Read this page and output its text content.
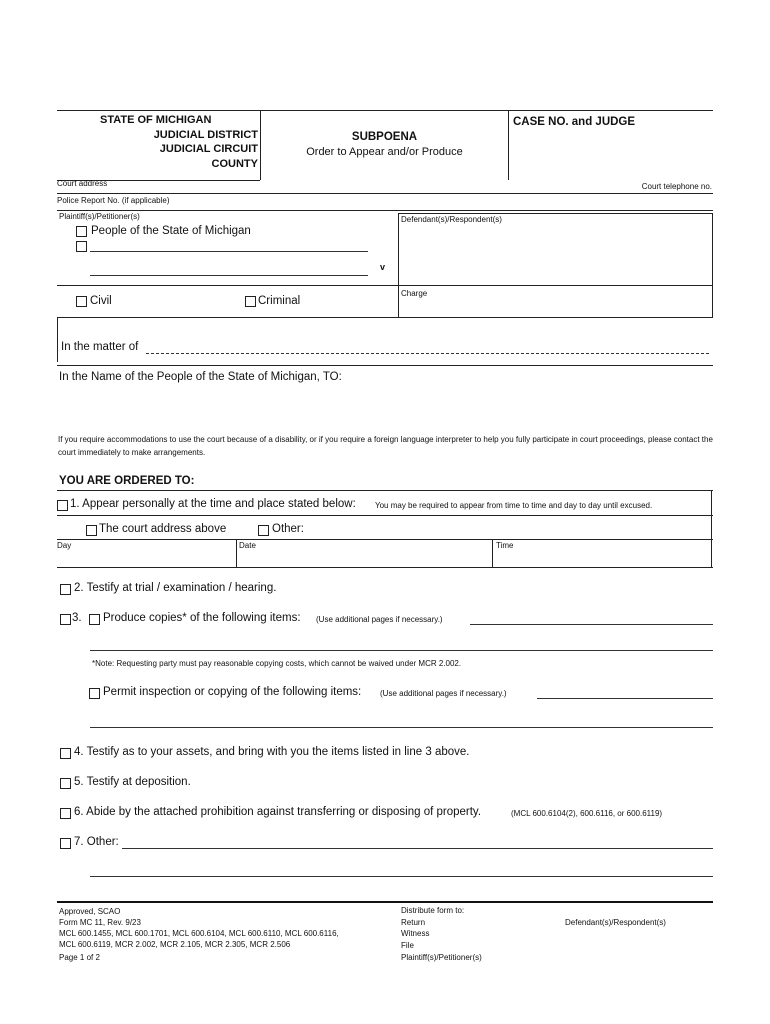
STATE OF MICHIGAN
JUDICIAL DISTRICT
JUDICIAL CIRCUIT
COUNTY
SUBPOENA
Order to Appear and/or Produce
CASE NO. and JUDGE
Court address	Court telephone no.
Police Report No. (if applicable)
Plaintiff(s)/Petitioner(s)
People of the State of Michigan
v
Defendant(s)/Respondent(s)
Charge
Civil	Criminal
In the matter of
In the Name of the People of the State of Michigan, TO:
If you require accommodations to use the court because of a disability, or if you require a foreign language interpreter to help you fully participate in court proceedings, please contact the court immediately to make arrangements.
YOU ARE ORDERED TO:
1. Appear personally at the time and place stated below: You may be required to appear from time to time and day to day until excused.
The court address above	Other:
Day	Date	Time
2. Testify at trial / examination / hearing.
3. Produce copies* of the following items: (Use additional pages if necessary.)
*Note: Requesting party must pay reasonable copying costs, which cannot be waived under MCR 2.002.
Permit inspection or copying of the following items: (Use additional pages if necessary.)
4. Testify as to your assets, and bring with you the items listed in line 3 above.
5. Testify at deposition.
6. Abide by the attached prohibition against transferring or disposing of property.	(MCL 600.6104(2), 600.6116, or 600.6119)
7. Other:
Approved, SCAO
Form MC 11, Rev. 9/23
MCL 600.1455, MCL 600.1701, MCL 600.6104, MCL 600.6110, MCL 600.6116,
MCL 600.6119, MCR 2.002, MCR 2.105, MCR 2.305, MCR 2.506
Page 1 of 2
Distribute form to:
Return
Witness
File
Plaintiff(s)/Petitioner(s)
Defendant(s)/Respondent(s)
